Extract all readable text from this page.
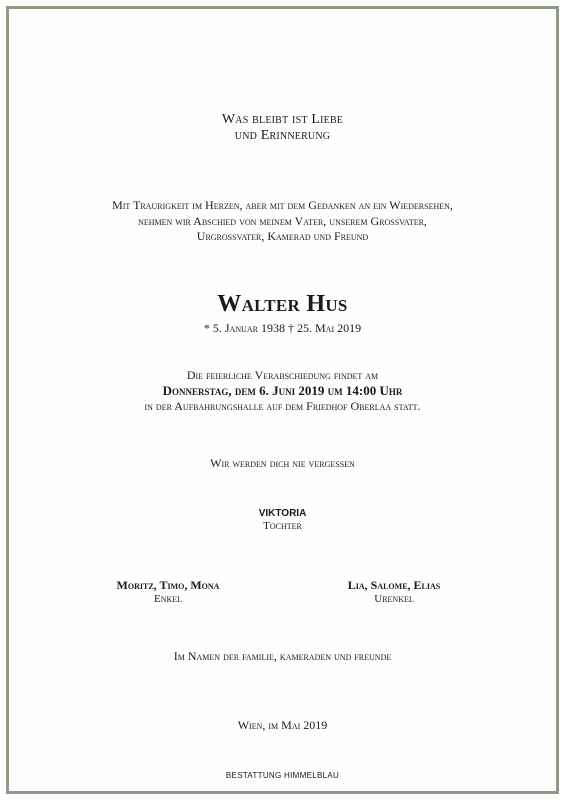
Was bleibt ist Liebe
und Erinnerung
Mit Traurigkeit im Herzen, aber mit dem Gedanken an ein Wiedersehen,
nehmen wir Abschied von meinem Vater, unserem Grossvater,
Urgrossvater, Kamerad und Freund
Walter Hus
* 5. Januar 1938 † 25. Mai 2019
Die feierliche Verabschiedung findet am
Donnerstag, dem 6. Juni 2019 um 14:00 Uhr
in der Aufbahrungshalle auf dem Friedhof Oberlaa statt.
Wir werden dich nie vergessen
VIKTORIA
Tochter
Moritz, Timo, Mona
Enkel
Lia, Salome, Elias
Urenkel
Im Namen der familie, kameraden und freunde
Wien, im Mai 2019
BESTATTUNG HIMMELBLAU
